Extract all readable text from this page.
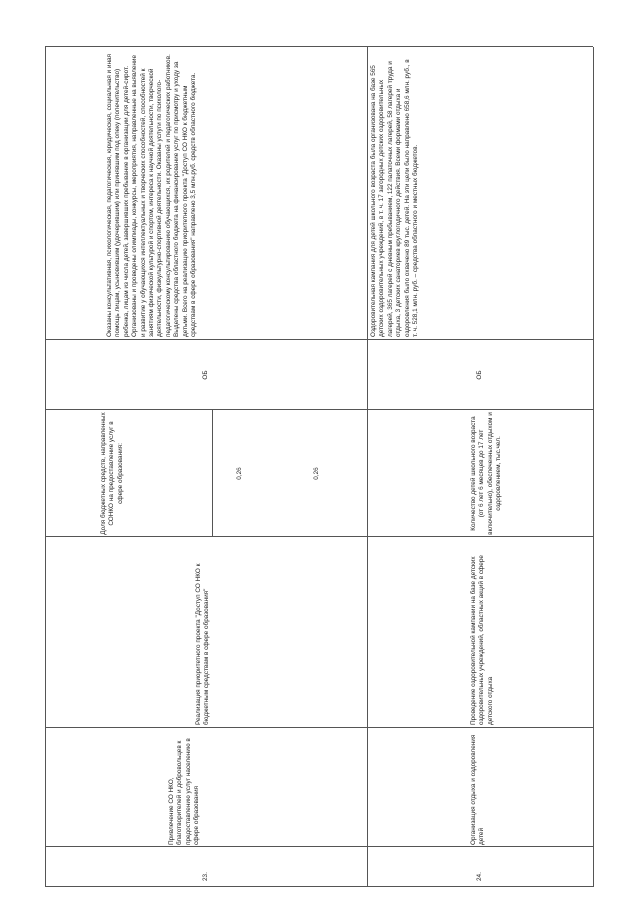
23.
Привлечение СО НКО, благотворителей и добровольцев к предоставлению услуг населению в сфере образования
Реализация приоритетного проекта "Доступ СО НКО к бюджетным средствам в сфере образования"
Доля бюджетных средств, направленных СОНКО на предоставление услуг в сфере образования:	0,26	0,26
ОБ
Оказаны консультативная, психологическая, педагогическая, юридическая, социальная и иная помощь лицам, усыновившим (удочерившим) или принявшим под опеку (попечительство) ребенка, лицам из числа детей, завершивших пребывание в организации для детей-сирот. Организованы и проведены олимпиады, конкурсы, мероприятия, направленные на выявление и развитие у обучающихся интеллектуальных и творческих способностей, способностей к занятиям физической культурой и спортом, интереса к научной деятельности, творческой деятельности, физкультурно-спортивной деятельности. Оказаны услуги по психолого-педагогическому консультированию обучающихся, их родителей и педагогических работников. Выделены средства областного бюджета на финансирование услуг по присмотру и уходу за детьми. Всего на реализацию приоритетного проекта "Доступ СО НКО к бюджетным средствам в сфере образования" направлено 3,5 млн.руб. средств областного бюджета.
24.
Организация отдыха и оздоровления детей
Проведение оздоровительной кампании на базе детских оздоровительных учреждений, областных акций в сфере детского отдыха
Количество детей школьного возраста (от 6 лет 6 месяцев до 17 лет включительно), обеспеченных отдыхом и оздоровлением, тыс.чел.
ОБ
Оздоровительная кампания для детей школьного возраста была организована на базе 565 детских оздоровительных учреждений, в т. ч. 17 загородных детских оздоровительных лагерей, 365 лагерей с дневным пребыванием, 122 палаточных лагерей, 58 лагерей труда и отдыха, 3 детских санаториев круглогодичного действия. Всеми формами отдыха и оздоровления было охвачено 89 тыс. детей. На эти цели было направлено 658,6 млн. руб., в т. ч. 528,1 млн. руб. – средства областного и местных бюджетов.
